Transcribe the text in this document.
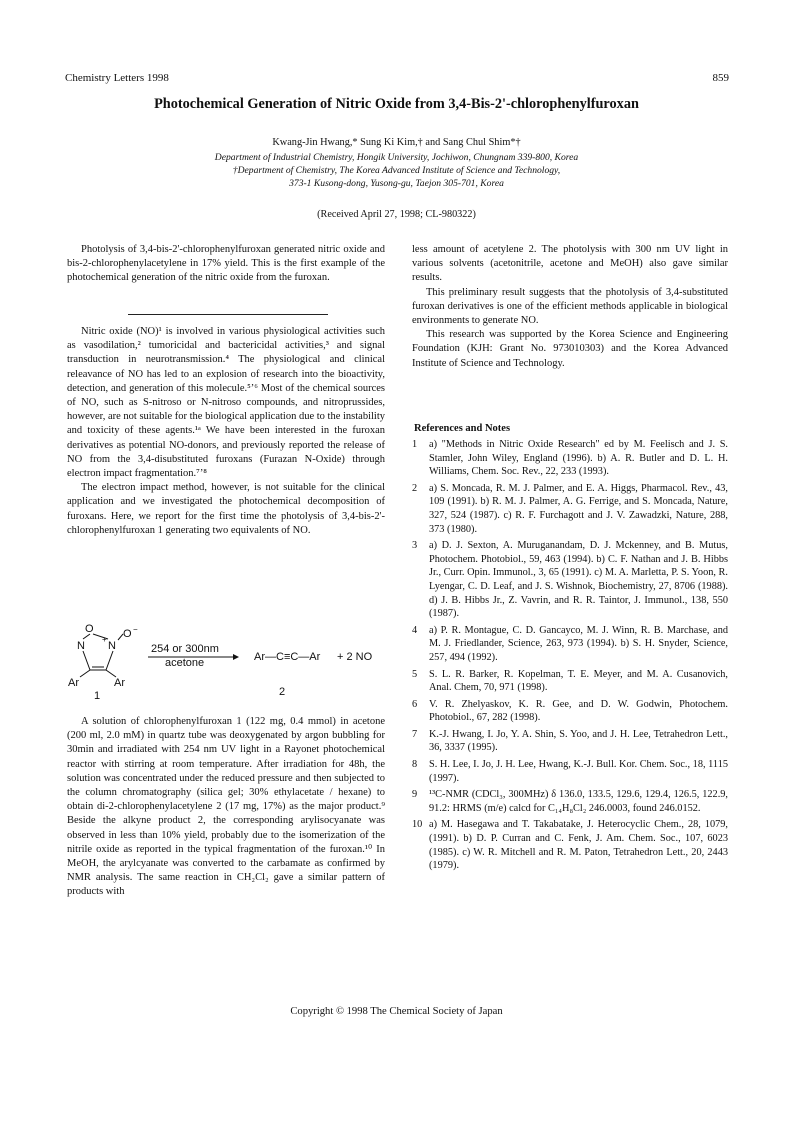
Chemistry Letters 1998	859
Photochemical Generation of Nitric Oxide from 3,4-Bis-2'-chlorophenylfuroxan
Kwang-Jin Hwang,* Sung Ki Kim,† and Sang Chul Shim*†
Department of Industrial Chemistry, Hongik University, Jochiwon, Chungnam 339-800, Korea
†Department of Chemistry, The Korea Advanced Institute of Science and Technology,
373-1 Kusong-dong, Yusong-gu, Taejon 305-701, Korea
(Received April 27, 1998; CL-980322)

Photolysis of 3,4-bis-2'-chlorophenylfuroxan generated nitric oxide and bis-2-chlorophenylacetylene in 17% yield. This is the first example of the photochemical generation of the nitric oxide from the furoxan.

Nitric oxide (NO)¹ is involved in various physiological activities such as vasodilation,² tumoricidal and bactericidal activities,³ and signal transduction in neurotransmission.⁴ The physiological and clinical releavance of NO has led to an explosion of research into the bioactivity, detection, and generation of this molecule.⁵ʼ⁶ Most of the chemical sources of NO, such as S-nitroso or N-nitroso compounds, and nitroprussides, however, are not suitable for the biological application due to the instability and toxicity of these agents.¹ᵃ We have been interested in the furoxan derivatives as potential NO-donors, and previously reported the release of NO from the 3,4-disubstituted furoxans (Furazan N-Oxide) through electron impact fragmentation.⁷ʼ⁸

The electron impact method, however, is not suitable for the clinical application and we investigated the photochemical decomposition of furoxans. Here, we report for the first time the photolysis of 3,4-bis-2'-chlorophenylfuroxan 1 generating two equivalents of NO.

O
N N
+ O −
Ar	Ar
1
254 or 300nm
acetone	Ar—C≡C—Ar + 2 NO
2

A solution of chlorophenylfuroxan 1 (122 mg, 0.4 mmol) in acetone (200 ml, 2.0 mM) in quartz tube was deoxygenated by argon bubbling for 30min and irradiated with 254 nm UV light in a Rayonet photochemical reactor with stirring at room temperature. After irradiation for 48h, the solution was concentrated under the reduced pressure and then subjected to the column chromatography (silica gel; 30% ethylacetate / hexane) to obtain di-2-chlorophenylacetylene 2 (17 mg, 17%) as the major product.⁹ Beside the alkyne product 2, the corresponding arylisocyanate was observed in less than 10% yield, probably due to the isomerization of the nitrile oxide as reported in the typical fragmentation of the furoxan.¹⁰ In MeOH, the arylcyanate was converted to the carbamate as confirmed by NMR analysis. The same reaction in CH₂Cl₂ gave a similar pattern of products with

less amount of acetylene 2. The photolysis with 300 nm UV light in various solvents (acetonitrile, acetone and MeOH) also gave similar results.

This preliminary result suggests that the photolysis of 3,4-substituted furoxan derivatives is one of the efficient methods applicable in biological environments to generate NO.

This research was supported by the Korea Science and Engineering Foundation (KJH: Grant No. 973010303) and the Korea Advanced Institute of Science and Technology.

References and Notes
1	a) "Methods in Nitric Oxide Research" ed by M. Feelisch and J. S. Stamler, John Wiley, England (1996). b) A. R. Butler and D. L. H. Williams, Chem. Soc. Rev., 22, 233 (1993).
2	a) S. Moncada, R. M. J. Palmer, and E. A. Higgs, Pharmacol. Rev., 43, 109 (1991). b) R. M. J. Palmer, A. G. Ferrige, and S. Moncada, Nature, 327, 524 (1987). c) R. F. Furchagott and J. V. Zawadzki, Nature, 288, 373 (1980).
3	a) D. J. Sexton, A. Muruganandam, D. J. Mckenney, and B. Mutus, Photochem. Photobiol., 59, 463 (1994). b) C. F. Nathan and J. B. Hibbs Jr., Curr. Opin. Immunol., 3, 65 (1991). c) M. A. Marletta, P. S. Yoon, R. Lyengar, C. D. Leaf, and J. S. Wishnok, Biochemistry, 27, 8706 (1988). d) J. B. Hibbs Jr., Z. Vavrin, and R. R. Taintor, J. Immunol., 138, 550 (1987).
4	a) P. R. Montague, C. D. Gancayco, M. J. Winn, R. B. Marchase, and M. J. Friedlander, Science, 263, 973 (1994). b) S. H. Snyder, Science, 257, 494 (1992).
5	S. L. R. Barker, R. Kopelman, T. E. Meyer, and M. A. Cusanovich, Anal. Chem, 70, 971 (1998).
6	V. R. Zhelyaskov, K. R. Gee, and D. W. Godwin, Photochem. Photobiol., 67, 282 (1998).
7	K.-J. Hwang, I. Jo, Y. A. Shin, S. Yoo, and J. H. Lee, Tetrahedron Lett., 36, 3337 (1995).
8	S. H. Lee, I. Jo, J. H. Lee, Hwang, K.-J. Bull. Kor. Chem. Soc., 18, 1115 (1997).
9	¹³C-NMR (CDCl₃, 300MHz) δ 136.0, 133.5, 129.6, 129.4, 126.5, 122.9, 91.2: HRMS (m/e) calcd for C₁₄H₈Cl₂ 246.0003, found 246.0152.
10 a) M. Hasegawa and T. Takabatake, J. Heterocyclic Chem., 28, 1079, (1991). b) D. P. Curran and C. Fenk, J. Am. Chem. Soc., 107, 6023 (1985). c) W. R. Mitchell and R. M. Paton, Tetrahedron Lett., 20, 2443 (1979).
Copyright © 1998 The Chemical Society of Japan
